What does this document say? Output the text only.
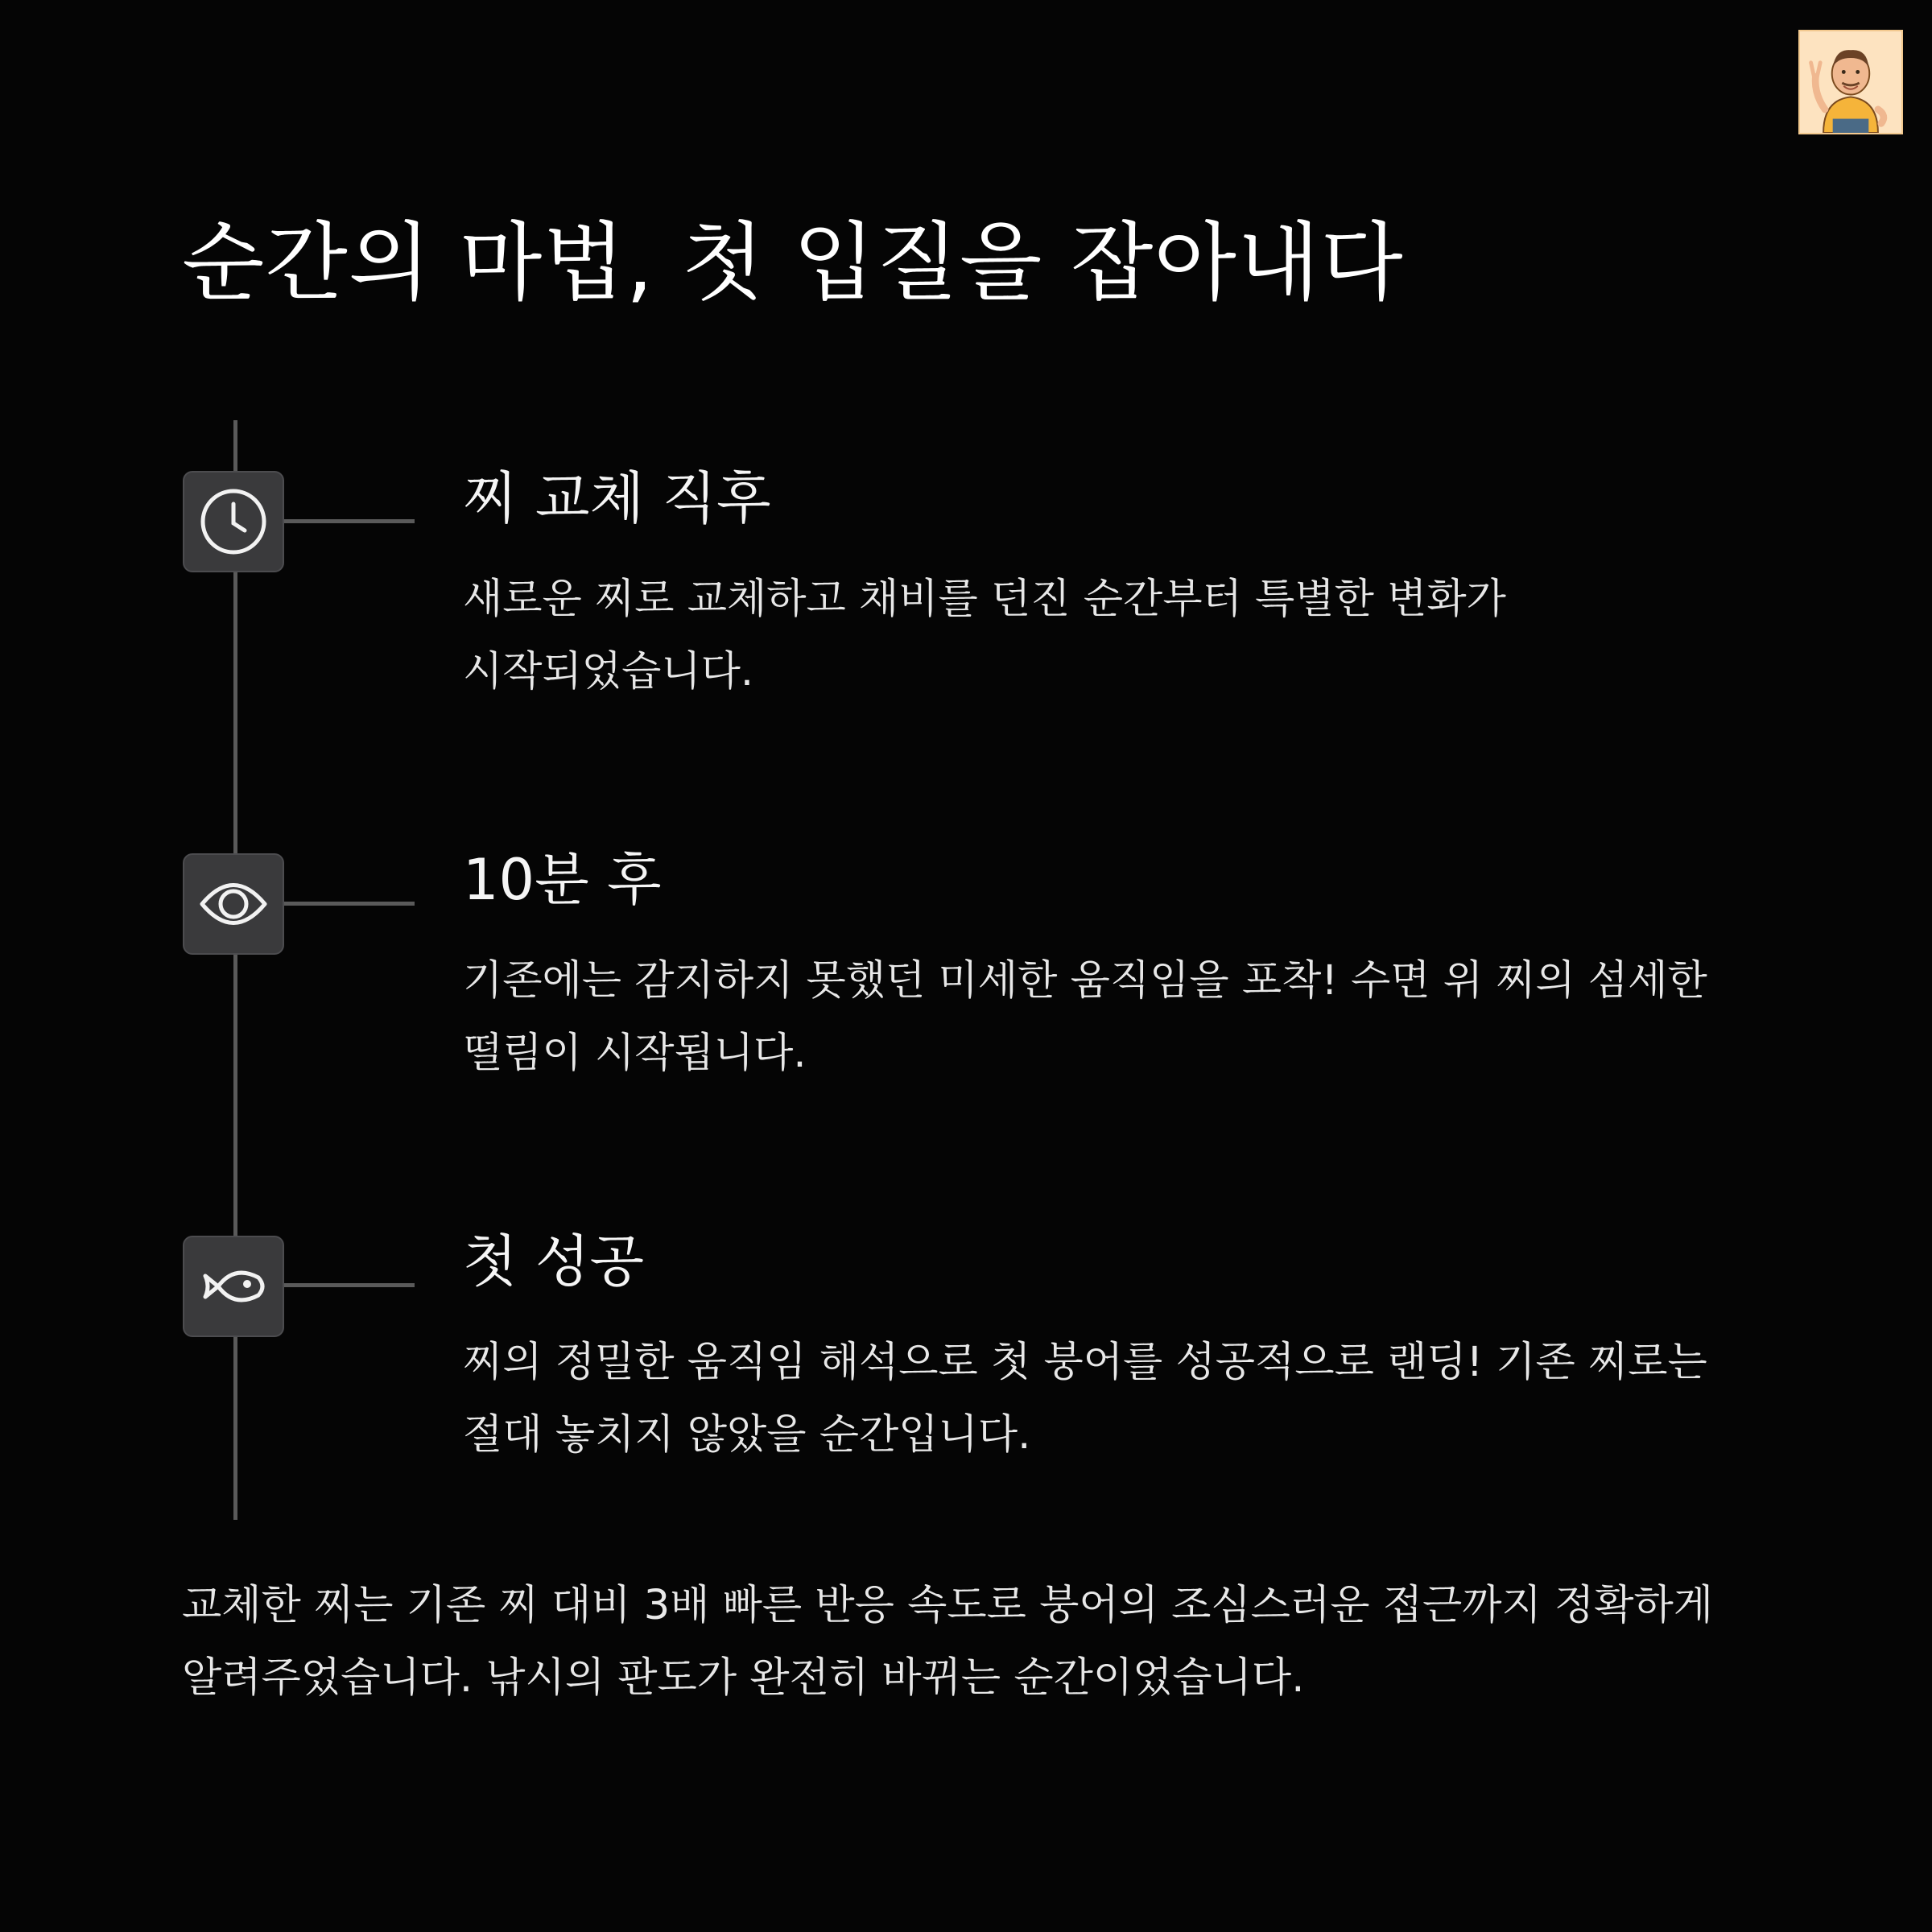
순간의 마법, 첫 입질을 잡아내다
찌 교체 직후
새로운 찌로 교체하고 채비를 던진 순간부터 특별한 변화가 시작되었습니다.
10분 후
기존에는 감지하지 못했던 미세한 움직임을 포착! 수면 위 찌의 섬세한 떨림이 시작됩니다.
첫 성공
찌의 정밀한 움직임 해석으로 첫 붕어를 성공적으로 랜딩! 기존 찌로는 절대 놓치지 않았을 순간입니다.
교체한 찌는 기존 찌 대비 3배 빠른 반응 속도로 붕어의 조심스러운 접근까지 정확하게 알려주었습니다. 낚시의 판도가 완전히 바뀌는 순간이었습니다.
